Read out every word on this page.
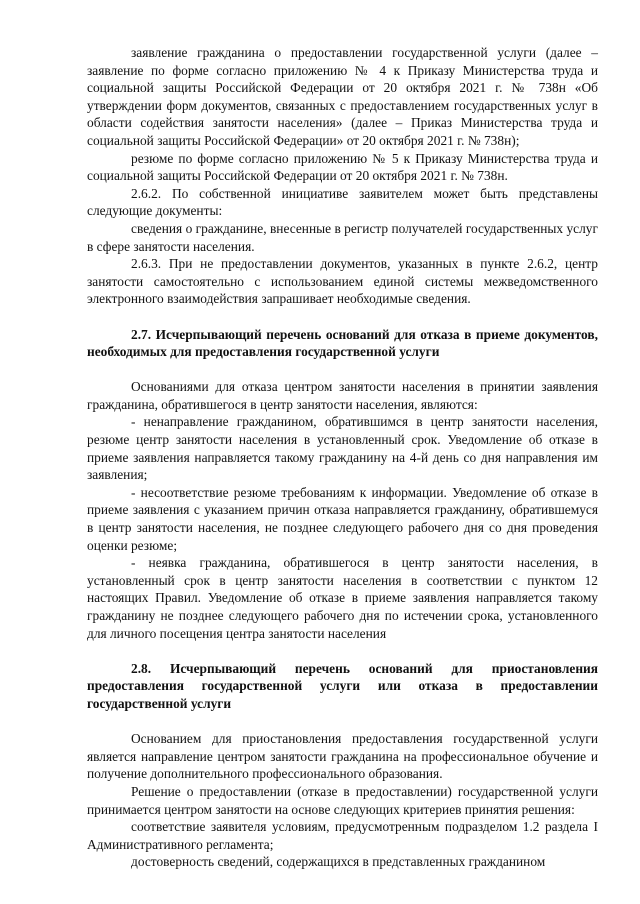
заявление гражданина о предоставлении государственной услуги (далее – заявление по форме согласно приложению № 4 к Приказу Министерства труда и социальной защиты Российской Федерации от 20 октября 2021 г. № 738н «Об утверждении форм документов, связанных с предоставлением государственных услуг в области содействия занятости населения» (далее – Приказ Министерства труда и социальной защиты Российской Федерации» от 20 октября 2021 г. № 738н);

резюме по форме согласно приложению № 5 к Приказу Министерства труда и социальной защиты Российской Федерации от 20 октября 2021 г. № 738н.

2.6.2. По собственной инициативе заявителем может быть представлены следующие документы:

сведения о гражданине, внесенные в регистр получателей государственных услуг в сфере занятости населения.

2.6.3. При не предоставлении документов, указанных в пункте 2.6.2, центр занятости самостоятельно с использованием единой системы межведомственного электронного взаимодействия запрашивает необходимые сведения.

2.7. Исчерпывающий перечень оснований для отказа в приеме документов, необходимых для предоставления государственной услуги

Основаниями для отказа центром занятости населения в принятии заявления гражданина, обратившегося в центр занятости населения, являются:

- ненаправление гражданином, обратившимся в центр занятости населения, резюме центр занятости населения в установленный срок. Уведомление об отказе в приеме заявления направляется такому гражданину на 4-й день со дня направления им заявления;

- несоответствие резюме требованиям к информации. Уведомление об отказе в приеме заявления с указанием причин отказа направляется гражданину, обратившемуся в центр занятости населения, не позднее следующего рабочего дня со дня проведения оценки резюме;

- неявка гражданина, обратившегося в центр занятости населения, в установленный срок в центр занятости населения в соответствии с пунктом 12 настоящих Правил. Уведомление об отказе в приеме заявления направляется такому гражданину не позднее следующего рабочего дня по истечении срока, установленного для личного посещения центра занятости населения

2.8. Исчерпывающий перечень оснований для приостановления предоставления государственной услуги или отказа в предоставлении государственной услуги

Основанием для приостановления предоставления государственной услуги является направление центром занятости гражданина на профессиональное обучение и получение дополнительного профессионального образования.

Решение о предоставлении (отказе в предоставлении) государственной услуги принимается центром занятости на основе следующих критериев принятия решения:

соответствие заявителя условиям, предусмотренным подразделом 1.2 раздела I Административного регламента;

достоверность сведений, содержащихся в представленных гражданином
